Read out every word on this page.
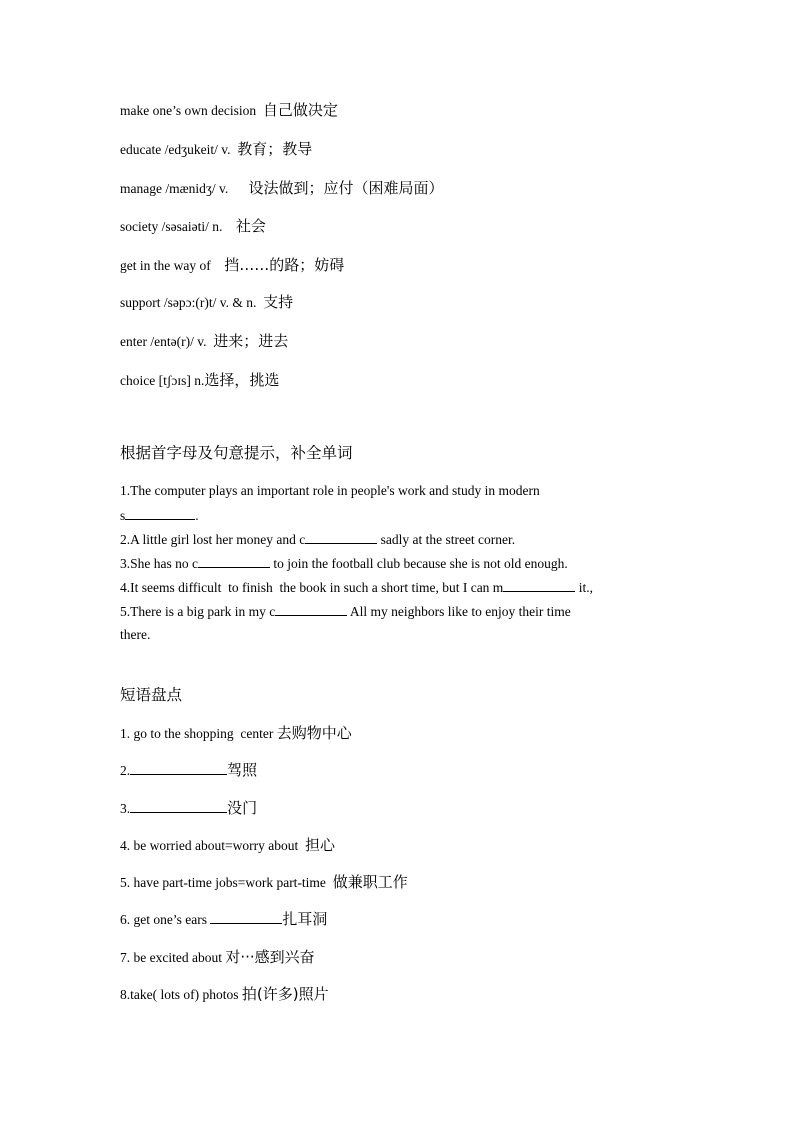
make one’s own decision  自己做决定
educate /edʒukeit/ v.  教育；教导
manage /mænidʒ/ v.      设法做到；应付（困难局面）
society /səsaiəti/ n.    社会
get in the way of    挡……的路；妨碍
support /səpɔ:(r)t/ v. & n.  支持
enter /entə(r)/ v.  进来；进去
choice [tʃɔɪs] n.选择，挑选
根据首字母及句意提示，补全单词
1.The computer plays an important role in people's work and study in modern
s	.
2.A little girl lost her money and c	sadly at the street corner.
3.She has no c	to join the football club because she is not old enough.
4.It seems difficult  to finish  the book in such a short time, but I can m	it.,
5.There is a big park in my c	All my neighbors like to enjoy their time
there.
短语盘点
1. go to the shopping  center 去购物中心
2.	驾照
3.	没门
4. be worried about=worry about  担心
5. have part-time jobs=work part-time  做兼职工作
6. get one’s ears	扎耳洞
7. be excited about 对···感到兴奋
8.take( lots of) photos 拍(许多)照片
